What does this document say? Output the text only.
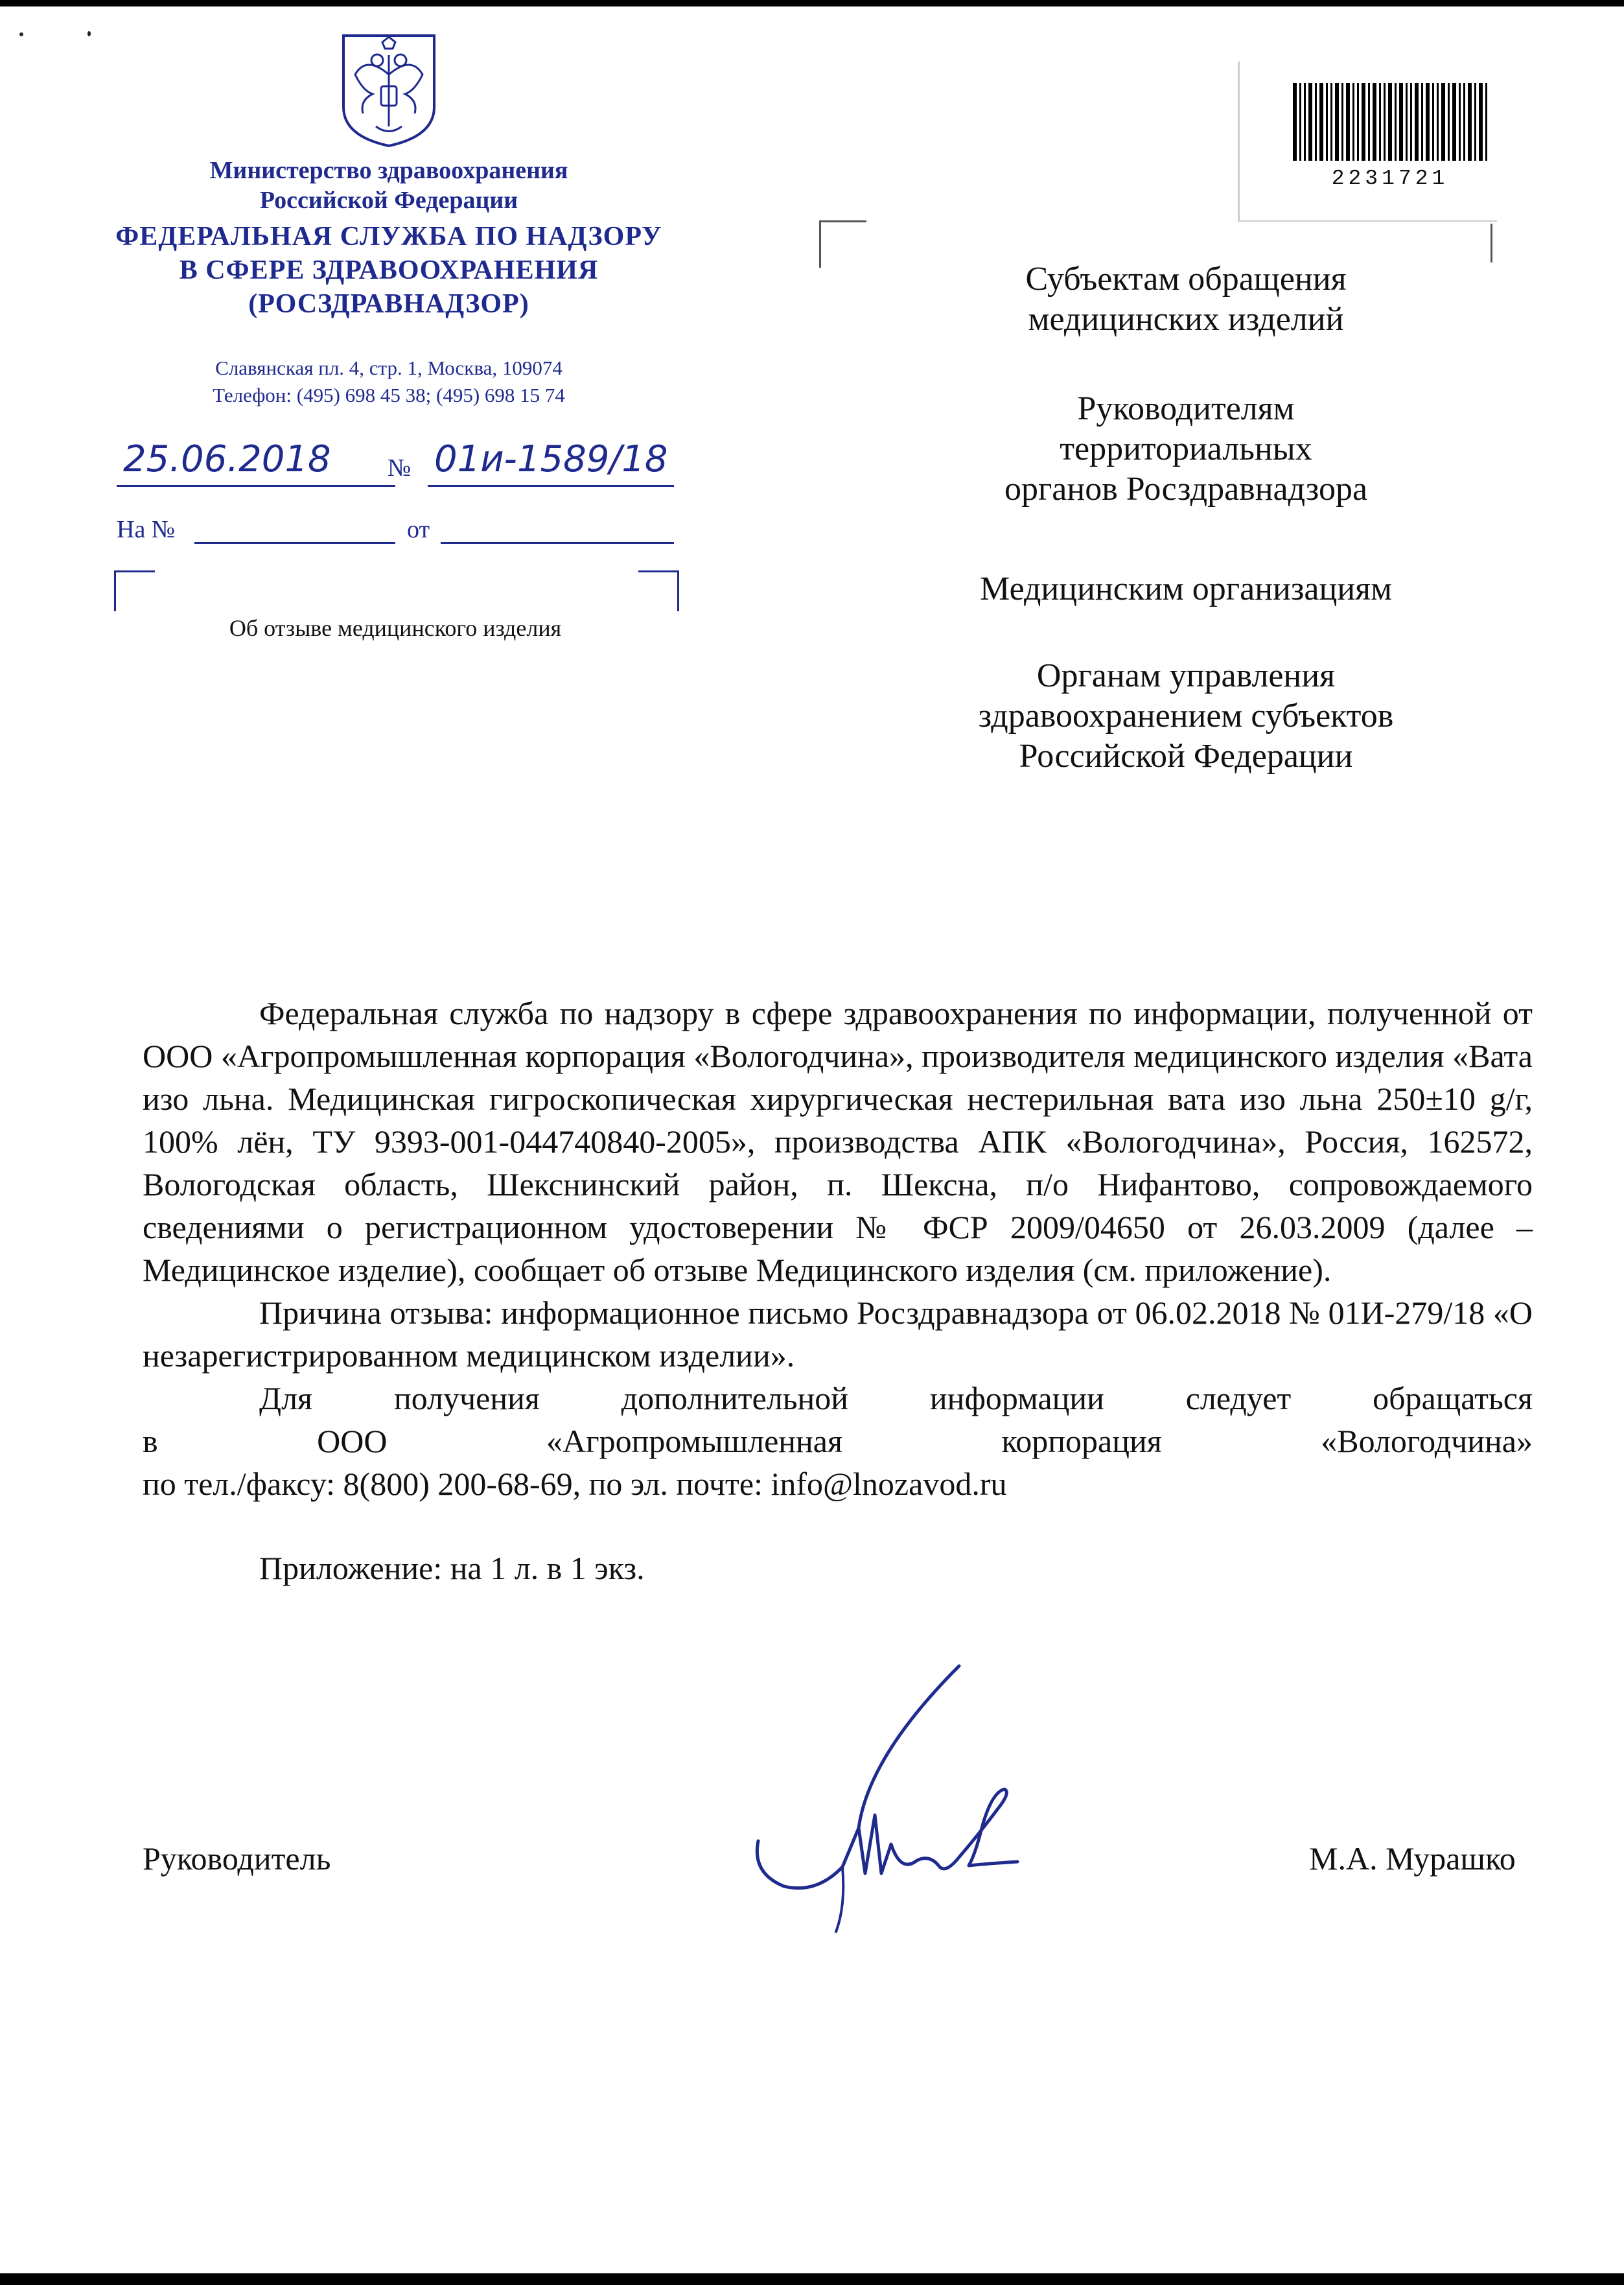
Министерство здравоохранения
Российской Федерации
ФЕДЕРАЛЬНАЯ СЛУЖБА ПО НАДЗОРУ
В СФЕРЕ ЗДРАВООХРАНЕНИЯ
(РОСЗДРАВНАДЗОР)
Славянская пл. 4, стр. 1, Москва, 109074
Телефон: (495) 698 45 38; (495) 698 15 74
25.06.2018	№ 01и-1589/18
На №	от
Об отзыве медицинского изделия
2231721
Субъектам обращения
медицинских изделий
Руководителям
территориальных
органов Росздравнадзора
Медицинским организациям
Органам управления
здравоохранением субъектов
Российской Федерации

Федеральная служба по надзору в сфере здравоохранения по информации, полученной от ООО «Агропромышленная корпорация «Вологодчина», производителя медицинского изделия «Вата изо льна. Медицинская гигроскопическая хирургическая нестерильная вата изо льна 250±10 g/г, 100% лён, ТУ 9393-001-044740840-2005», производства АПК «Вологодчина», Россия, 162572, Вологодская область, Шекснинский район, п. Шексна, п/о Нифантово, сопровождаемого сведениями о регистрационном удостоверении № ФСР 2009/04650 от 26.03.2009 (далее – Медицинское изделие), сообщает об отзыве Медицинского изделия (см. приложение).

Причина отзыва: информационное письмо Росздравнадзора от 06.02.2018 № 01И-279/18 «О незарегистрированном медицинском изделии».

Для получения дополнительной информации следует обращаться
в	ООО	«Агропромышленная	корпорация	«Вологодчина»

по тел./факсу: 8(800) 200-68-69, по эл. почте: info@lnozavod.ru

Приложение: на 1 л. в 1 экз.

Руководитель	М.А. Мурашко
